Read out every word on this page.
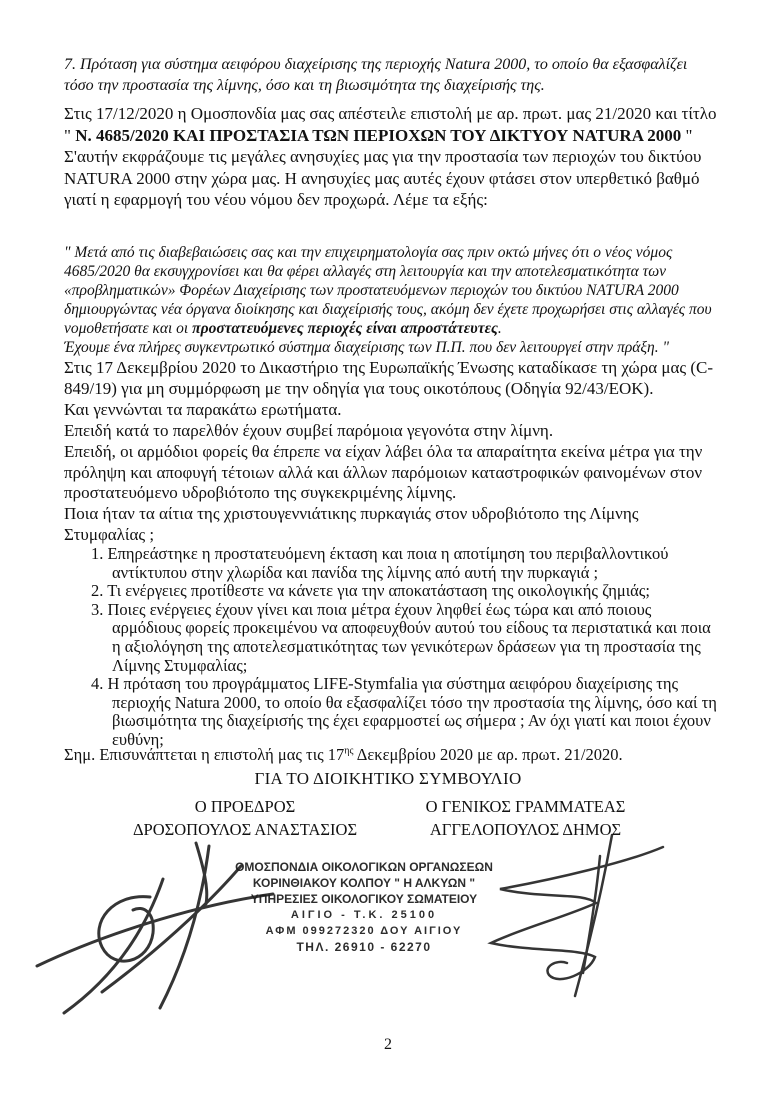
7. Πρόταση για σύστημα αειφόρου διαχείρισης της περιοχής Natura 2000, το οποίο θα εξασφαλίζει τόσο την προστασία της λίμνης, όσο και τη βιωσιμότητα της διαχείρισής της.
Στις 17/12/2020 η Ομοσπονδία μας σας απέστειλε επιστολή με αρ. πρωτ. μας 21/2020 και τίτλο " Ν. 4685/2020 ΚΑΙ ΠΡΟΣΤΑΣΙΑ ΤΩΝ ΠΕΡΙΟΧΩΝ ΤΟΥ ΔΙΚΤΥΟΥ NATURA 2000 "
Σ'αυτήν εκφράζουμε τις μεγάλες ανησυχίες μας για την προστασία των περιοχών του δικτύου NATURA 2000 στην χώρα μας. Η ανησυχίες μας αυτές έχουν φτάσει στον υπερθετικό βαθμό γιατί η εφαρμογή του νέου νόμου δεν προχωρά. Λέμε τα εξής:
" Μετά από τις διαβεβαιώσεις σας και την επιχειρηματολογία σας πριν οκτώ μήνες ότι ο νέος νόμος 4685/2020 θα εκσυγχρονίσει και θα φέρει αλλαγές στη λειτουργία και την αποτελεσματικότητα των «προβληματικών» Φορέων Διαχείρισης των προστατευόμενων περιοχών του δικτύου NATURA 2000 δημιουργώντας νέα όργανα διοίκησης και διαχείρισής τους, ακόμη δεν έχετε προχωρήσει στις αλλαγές που νομοθετήσατε και οι προστατευόμενες περιοχές είναι απροστάτευτες.
Έχουμε ένα πλήρες συγκεντρωτικό σύστημα διαχείρισης των Π.Π. που δεν λειτουργεί στην πράξη. "
Στις 17 Δεκεμβρίου 2020 το Δικαστήριο της Ευρωπαϊκής Ένωσης καταδίκασε τη χώρα μας (C-849/19) για μη συμμόρφωση με την οδηγία για τους οικοτόπους (Οδηγία 92/43/ΕΟΚ).
Και γεννώνται τα παρακάτω ερωτήματα.
Επειδή κατά το παρελθόν έχουν συμβεί παρόμοια γεγονότα στην λίμνη.
Επειδή, οι αρμόδιοι φορείς θα έπρεπε να είχαν λάβει όλα τα απαραίτητα εκείνα μέτρα για την πρόληψη και αποφυγή τέτοιων αλλά και άλλων παρόμοιων καταστροφικών φαινομένων στον προστατευόμενο υδροβιότοπο της συγκεκριμένης λίμνης.
Ποια ήταν τα αίτια της χριστουγεννιάτικης πυρκαγιάς στον υδροβιότοπο της Λίμνης Στυμφαλίας ;
1. Επηρεάστηκε η προστατευόμενη έκταση και ποια η αποτίμηση του περιβαλλοντικού αντίκτυπου στην χλωρίδα και πανίδα της λίμνης από αυτή την πυρκαγιά ;
2. Τι ενέργειες προτίθεστε να κάνετε για την αποκατάσταση της οικολογικής ζημιάς;
3. Ποιες ενέργειες έχουν γίνει και ποια μέτρα έχουν ληφθεί έως τώρα και από ποιους αρμόδιους φορείς προκειμένου να αποφευχθούν αυτού του είδους τα περιστατικά και ποια η αξιολόγηση της αποτελεσματικότητας των γενικότερων δράσεων για τη προστασία της Λίμνης Στυμφαλίας;
4. Η πρόταση του προγράμματος LIFE-Stymfalia για σύστημα αειφόρου διαχείρισης της περιοχής Natura 2000, το οποίο θα εξασφαλίζει τόσο την προστασία της λίμνης, όσο καί τη βιωσιμότητα της διαχείρισής της έχει εφαρμοστεί ως σήμερα ; Αν όχι γιατί και ποιοι έχουν ευθύνη;
Σημ. Επισυνάπτεται η επιστολή μας τις $17^{\eta\varsigma}$ Δεκεμβρίου 2020 με αρ. πρωτ. 21/2020.
ΓΙΑ ΤΟ ΔΙΟΙΚΗΤΙΚΟ ΣΥΜΒΟΥΛΙΟ
Ο ΠΡΟΕΔΡΟΣ
ΔΡΟΣΟΠΟΥΛΟΣ ΑΝΑΣΤΑΣΙΟΣ
Ο ΓΕΝΙΚΟΣ ΓΡΑΜΜΑΤΕΑΣ
ΑΓΓΕΛΟΠΟΥΛΟΣ ΔΗΜΟΣ
ΟΜΟΣΠΟΝΔΙΑ ΟΙΚΟΛΟΓΙΚΩΝ ΟΡΓΑΝΩΣΕΩΝ
ΚΟΡΙΝΘΙΑΚΟΥ ΚΟΛΠΟΥ " Η ΑΛΚΥΩΝ "
ΥΠΗΡΕΣΙΕΣ ΟΙΚΟΛΟΓΙΚΟΥ ΣΩΜΑΤΕΙΟΥ
ΑΙΓΙΟ - Τ.Κ. 25100
ΑΦΜ 099272320 ΔΟΥ ΑΙΓΙΟΥ
ΤΗΛ. 26910 - 62270
2
